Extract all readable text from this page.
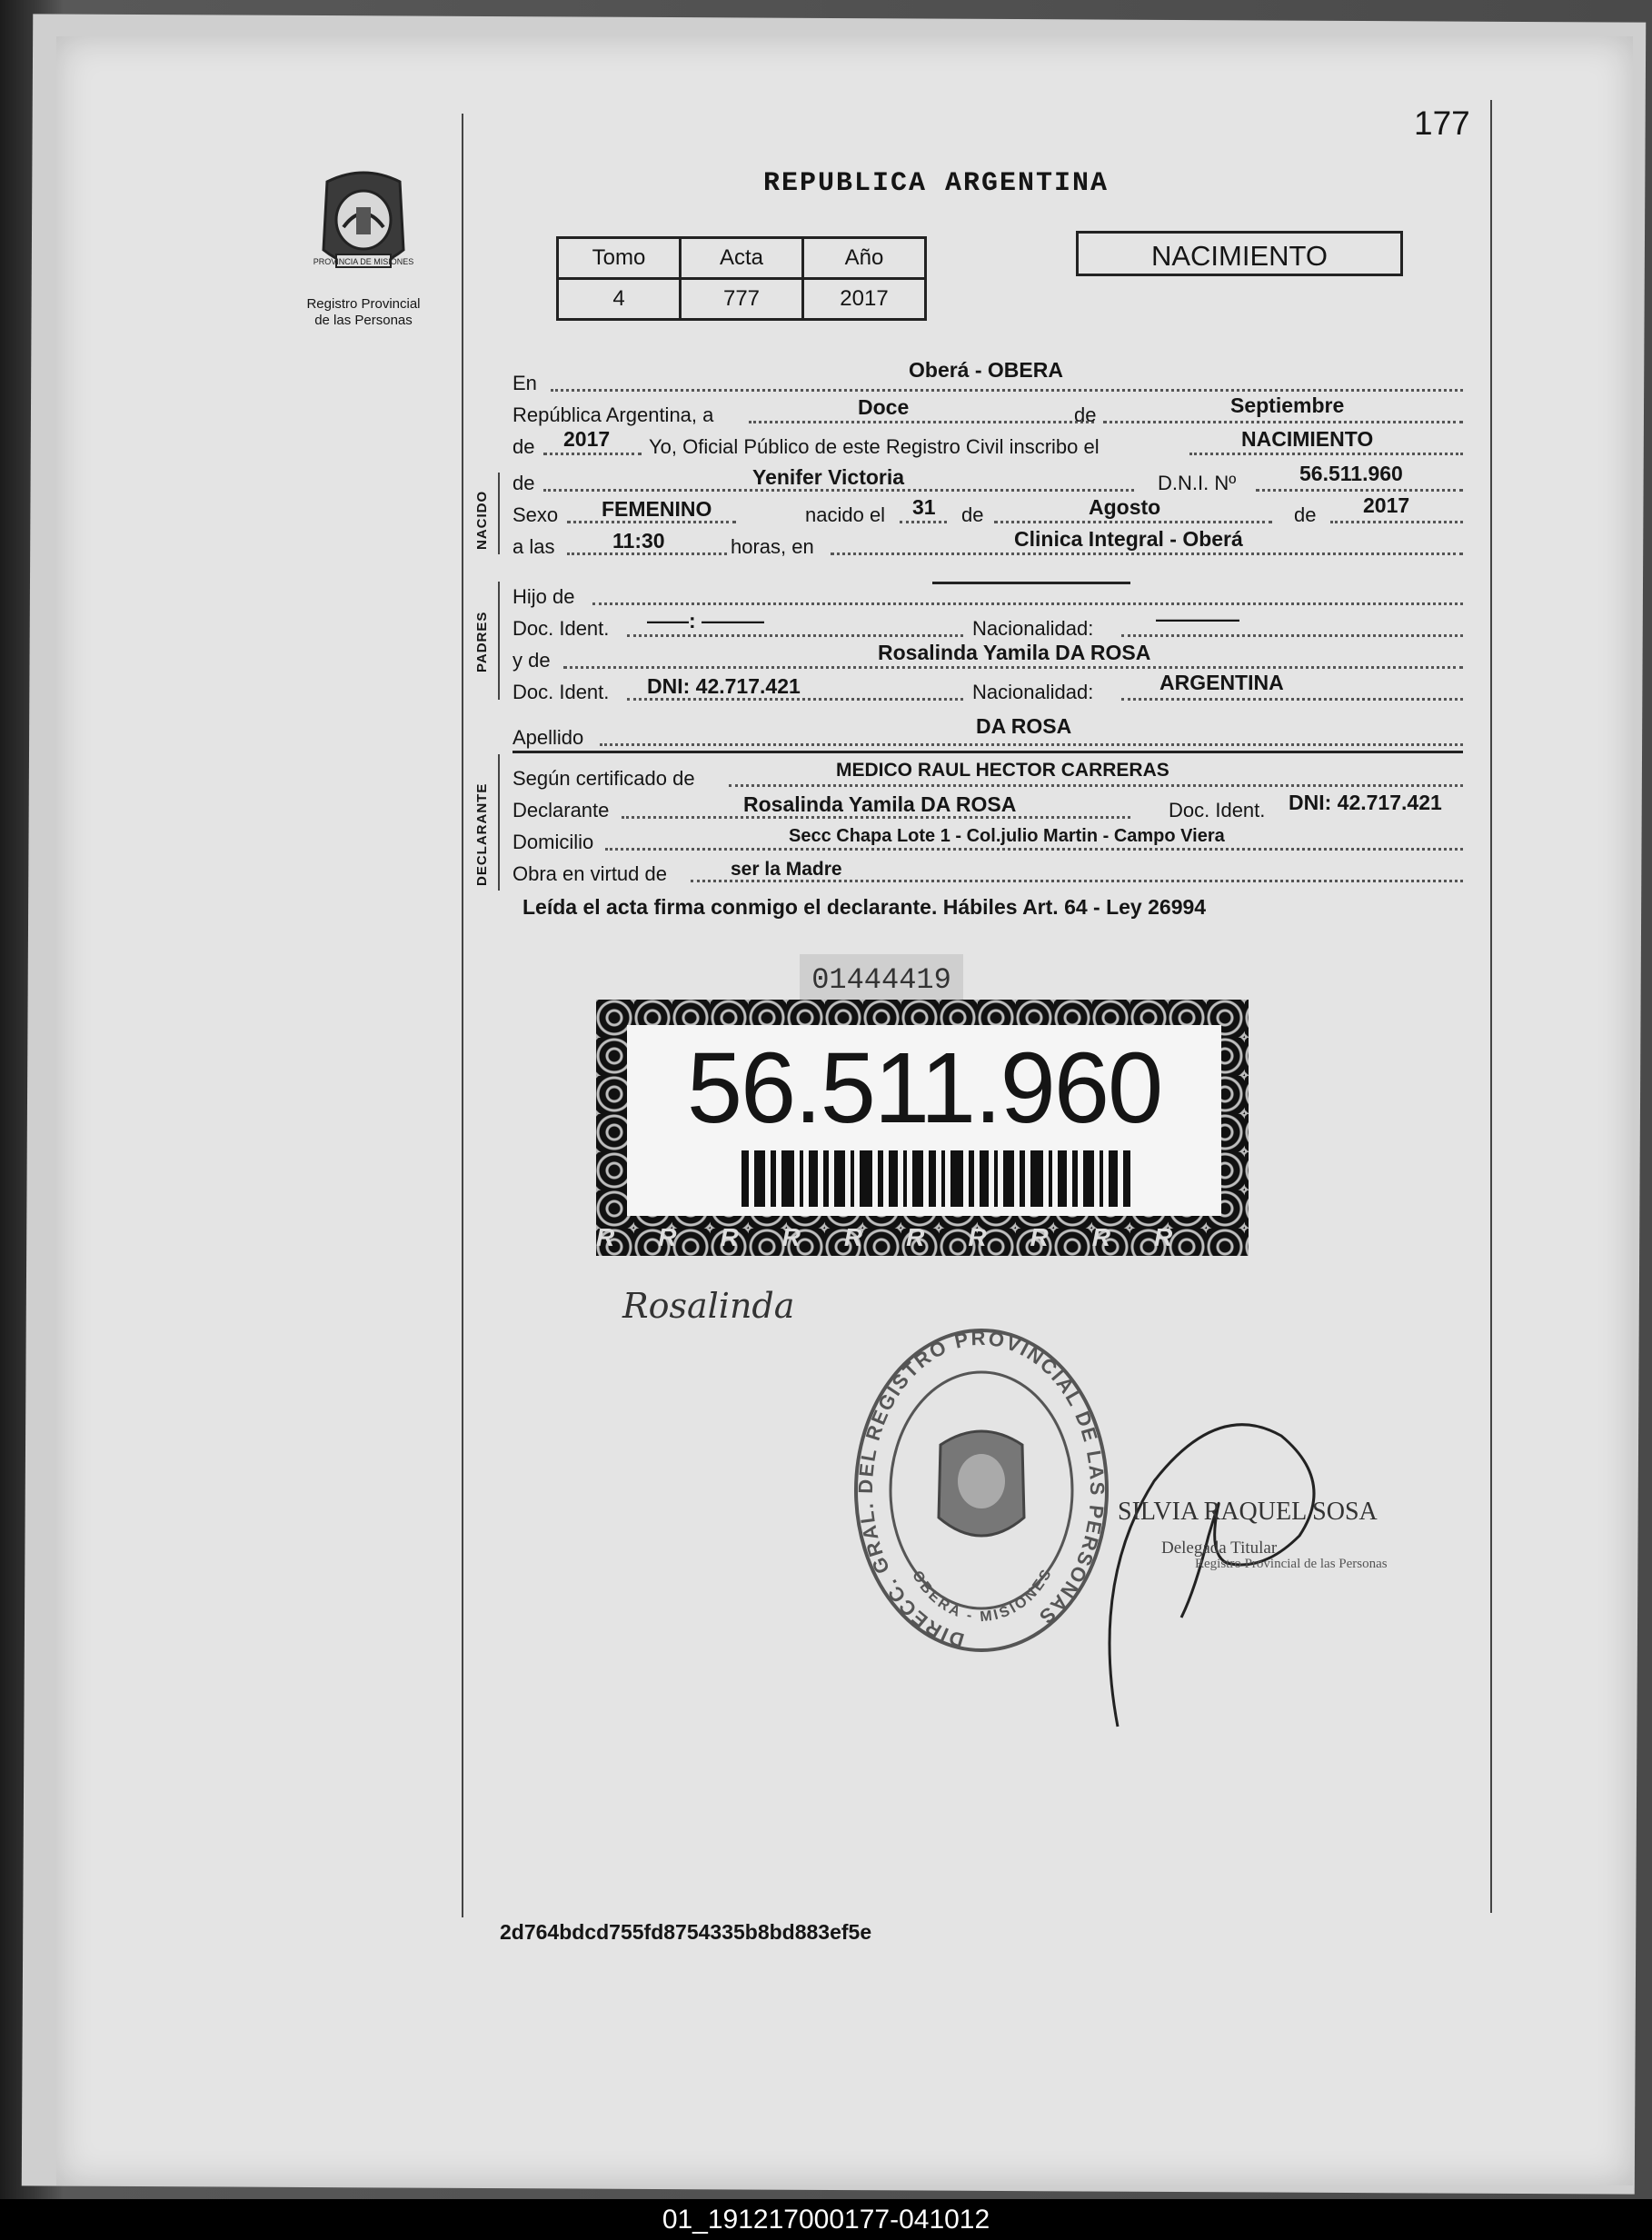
177
REPUBLICA ARGENTINA
PROVINCIA DE MISIONES
Registro Provincial
de las Personas
Tomo	Acta	Año
4	777	2017
NACIMIENTO
NACIDO
PADRES
DECLARANTE
En
Oberá - OBERA
República Argentina, a	Doce	de	Septiembre
de 2017 Yo, Oficial Público de este Registro Civil inscribo el	NACIMIENTO
de	Yenifer Victoria	D.N.I. Nº	56.511.960
Sexo FEMENINO	nacido el 31 de	Agosto	de 2017
a las	11:30	horas, en	Clinica Integral - Oberá
Hijo de
Doc. Ident. ——: ———	Nacionalidad:	————
y de	Rosalinda Yamila DA ROSA
Doc. Ident. DNI: 42.717.421	Nacionalidad:	ARGENTINA
Apellido	DA ROSA
Según certificado de	MEDICO RAUL HECTOR CARRERAS
Declarante	Rosalinda Yamila DA ROSA	Doc. Ident. DNI: 42.717.421
Domicilio	Secc Chapa Lote 1 - Col.julio Martin - Campo Viera
Obra en virtud de	ser la Madre
Leída el acta firma conmigo el declarante. Hábiles Art. 64 - Ley 26994
01444419
56.511.960
RRRRRRRRRR
Rosalinda
DIRECC. GRAL. DEL REGISTRO PROVINCIAL DE LAS PERSONAS
OBERA - MISIONES
SILVIA RAQUEL SOSA
Delegada Titular
Registro Provincial de las Personas
2d764bdcd755fd8754335b8bd883ef5e
01_191217000177-041012
